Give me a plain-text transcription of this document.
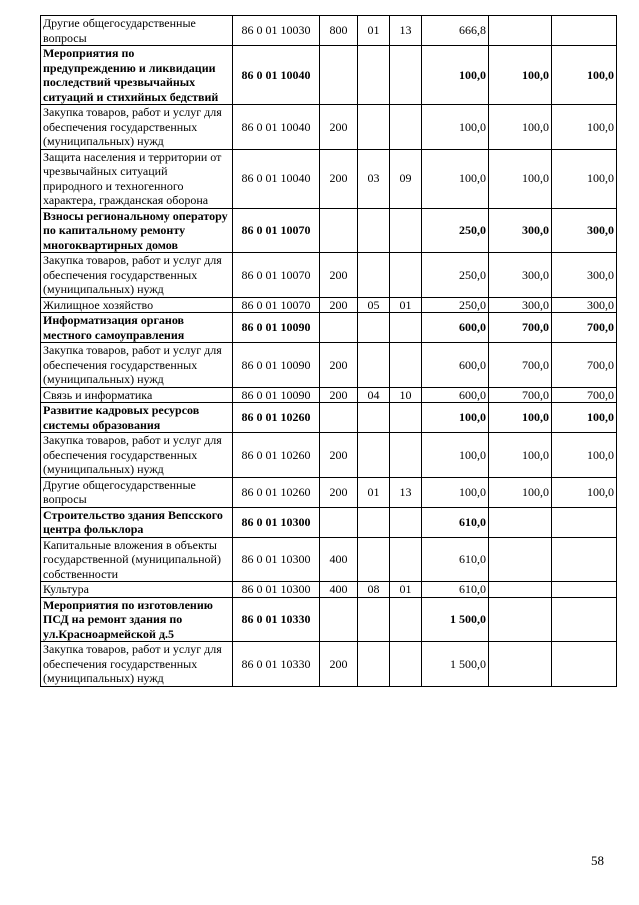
Другие общегосударственные вопросы	86 0 01 10030	800	01	13	666,8		
Мероприятия по предупреждению и ликвидации последствий чрезвычайных ситуаций и стихийных бедствий	86 0 01 10040				100,0	100,0	100,0
Закупка товаров, работ и услуг для обеспечения государственных (муниципальных) нужд	86 0 01 10040	200			100,0	100,0	100,0
Защита населения и территории от чрезвычайных ситуаций природного и техногенного характера, гражданская оборона	86 0 01 10040	200	03	09	100,0	100,0	100,0
Взносы региональному оператору по капитальному ремонту многоквартирных домов	86 0 01 10070				250,0	300,0	300,0
Закупка товаров, работ и услуг для обеспечения государственных (муниципальных) нужд	86 0 01 10070	200			250,0	300,0	300,0
Жилищное хозяйство	86 0 01 10070	200	05	01	250,0	300,0	300,0
Информатизация органов местного самоуправления	86 0 01 10090				600,0	700,0	700,0
Закупка товаров, работ и услуг для обеспечения государственных (муниципальных) нужд	86 0 01 10090	200			600,0	700,0	700,0
Связь и информатика	86 0 01 10090	200	04	10	600,0	700,0	700,0
Развитие кадровых ресурсов системы образования	86 0 01 10260				100,0	100,0	100,0
Закупка товаров, работ и услуг для обеспечения государственных (муниципальных) нужд	86 0 01 10260	200			100,0	100,0	100,0
Другие общегосударственные вопросы	86 0 01 10260	200	01	13	100,0	100,0	100,0
Строительство здания Вепсского центра фольклора	86 0 01 10300				610,0		
Капитальные вложения в объекты государственной (муниципальной) собственности	86 0 01 10300	400			610,0		
Культура	86 0 01 10300	400	08	01	610,0		
Мероприятия по изготовлению ПСД на ремонт здания по ул.Красноармейской д.5	86 0 01 10330				1 500,0		
Закупка товаров, работ и услуг для обеспечения государственных (муниципальных) нужд	86 0 01 10330	200			1 500,0		
58
